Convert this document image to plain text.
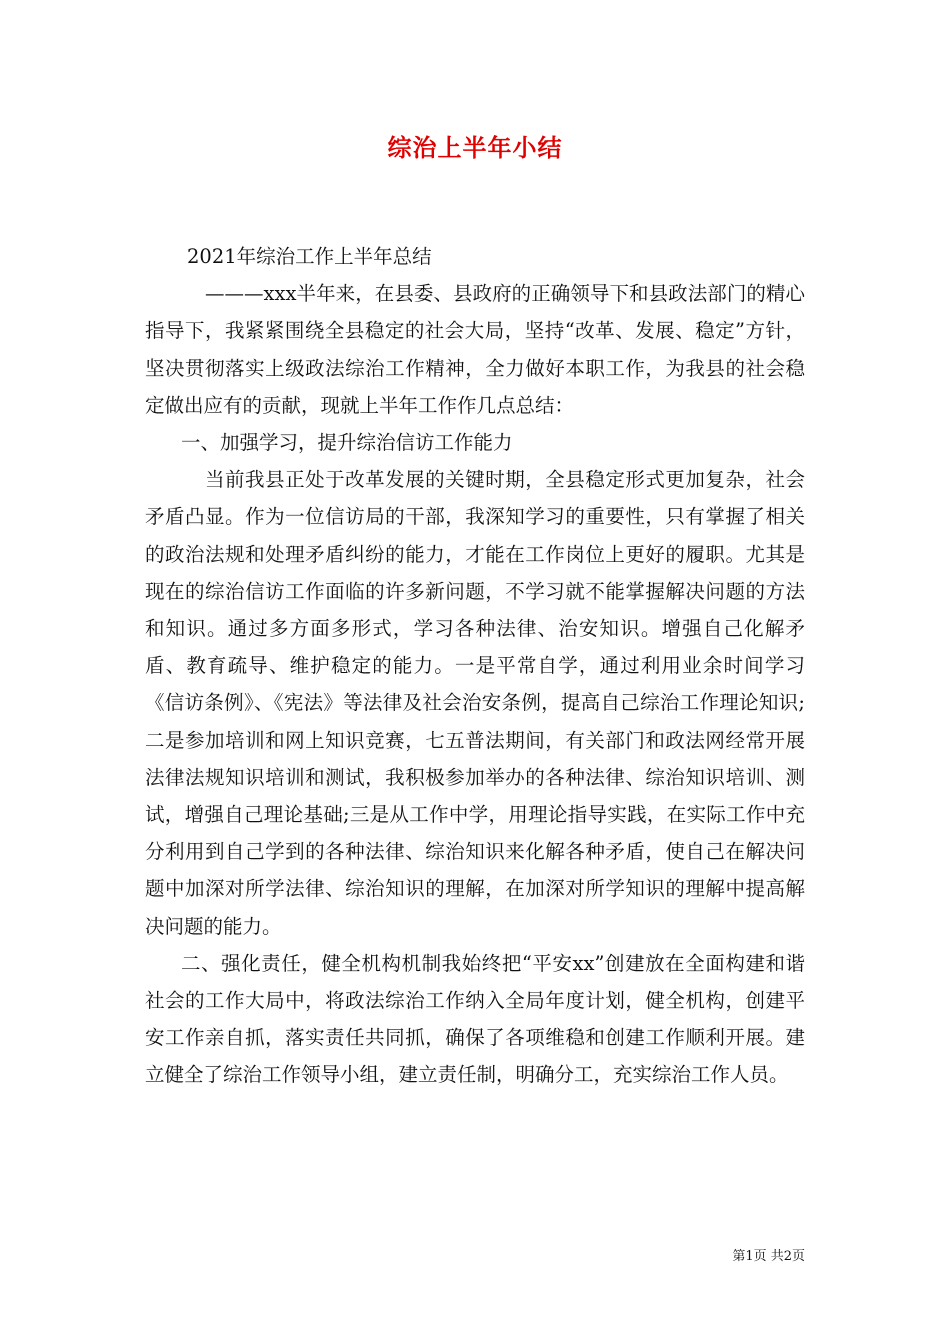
综治上半年小结

2021年综治工作上半年总结

———xxx半年来，在县委、县政府的正确领导下和县政法部门的精心指导下，我紧紧围绕全县稳定的社会大局，坚持“改革、发展、稳定”方针，坚决贯彻落实上级政法综治工作精神，全力做好本职工作，为我县的社会稳定做出应有的贡献，现就上半年工作作几点总结：

一、加强学习，提升综治信访工作能力

当前我县正处于改革发展的关键时期，全县稳定形式更加复杂，社会矛盾凸显。作为一位信访局的干部，我深知学习的重要性，只有掌握了相关的政治法规和处理矛盾纠纷的能力，才能在工作岗位上更好的履职。尤其是现在的综治信访工作面临的许多新问题，不学习就不能掌握解决问题的方法和知识。通过多方面多形式，学习各种法律、治安知识。增强自己化解矛盾、教育疏导、维护稳定的能力。一是平常自学，通过利用业余时间学习《信访条例》、《宪法》等法律及社会治安条例，提高自己综治工作理论知识;二是参加培训和网上知识竞赛，七五普法期间，有关部门和政法网经常开展法律法规知识培训和测试，我积极参加举办的各种法律、综治知识培训、测试，增强自己理论基础;三是从工作中学，用理论指导实践，在实际工作中充分利用到自己学到的各种法律、综治知识来化解各种矛盾，使自己在解决问题中加深对所学法律、综治知识的理解，在加深对所学知识的理解中提高解决问题的能力。

二、强化责任，健全机构机制我始终把“平安xx”创建放在全面构建和谐社会的工作大局中，将政法综治工作纳入全局年度计划，健全机构，创建平安工作亲自抓，落实责任共同抓，确保了各项维稳和创建工作顺利开展。建立健全了综治工作领导小组，建立责任制，明确分工，充实综治工作人员。

第1页 共2页
